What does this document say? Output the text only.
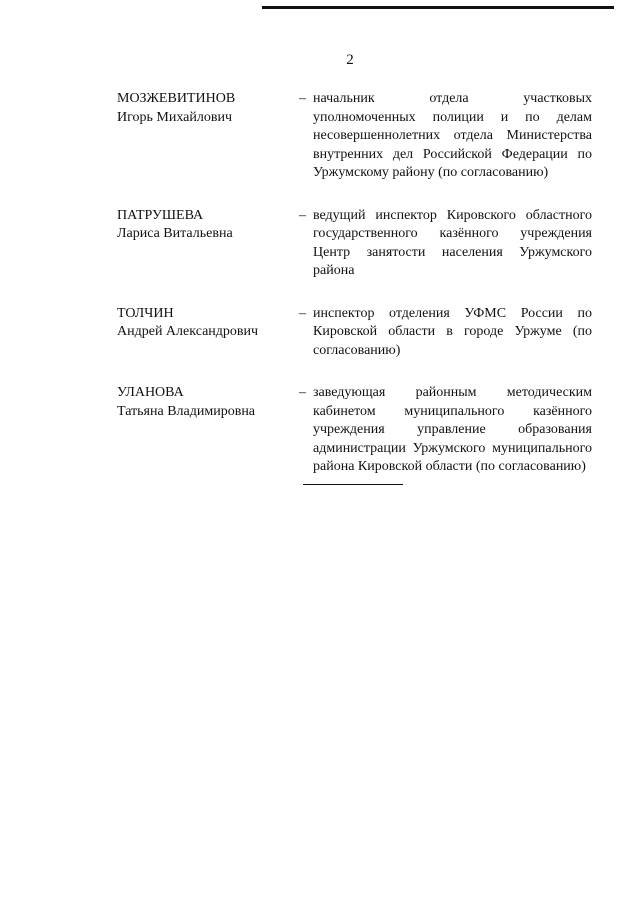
2
МОЗЖЕВИТИНОВ
Игорь Михайлович
– начальник отдела участковых уполномоченных полиции и по делам несовершеннолетних отдела Министерства внутренних дел Российской Федерации по Уржумскому району (по согласованию)
ПАТРУШЕВА
Лариса Витальевна
– ведущий инспектор Кировского областного государственного казённого учреждения Центр занятости населения Уржумского района
ТОЛЧИН
Андрей Александрович
– инспектор отделения УФМС России по Кировской области в городе Уржуме (по согласованию)
УЛАНОВА
Татьяна Владимировна
– заведующая районным методическим кабинетом муниципального казённого учреждения управление образования администрации Уржумского муниципального района Кировской области (по согласованию)
